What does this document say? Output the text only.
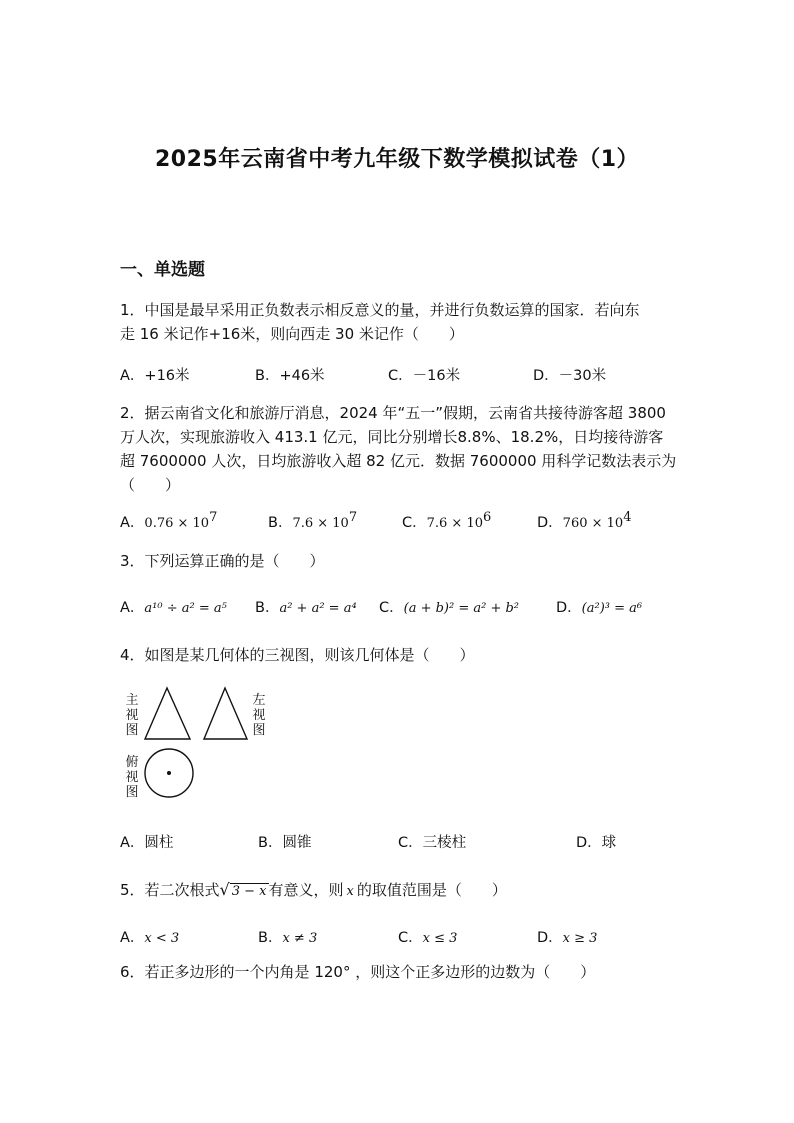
2025年云南省中考九年级下数学模拟试卷（1）
一、单选题
1．中国是最早采用正负数表示相反意义的量，并进行负数运算的国家．若向东
走 16 米记作+16米，则向西走 30 米记作（　　）
A．+16米	B．+46米	C．－16米	D．－30米
2．据云南省文化和旅游厅消息，2024 年“五一”假期，云南省共接待游客超 3800
万人次，实现旅游收入 413.1 亿元，同比分别增长8.8%、18.2%，日均接待游客
超 7600000 人次，日均旅游收入超 82 亿元．数据 7600000 用科学记数法表示为
（　　）
A．$0.76 \times 10^7$	B．$7.6 \times 10^7$	C．$7.6 \times 10^6$	D．$760 \times 10^4$
3．下列运算正确的是（　　）
A．a¹⁰ ÷ a² = a⁵ B．a² + a² = a⁴ C．(a + b)² = a² + b²	D．(a²)³ = a⁶
4．如图是某几何体的三视图，则该几何体是（　　）
主视图
左视图
俯视图
A．圆柱	B．圆锥	C．三棱柱	D．球
5．若二次根式√ 3 − x 有意义，则 x 的取值范围是（　　）
A．x < 3	B．x ≠ 3	C．x ≤ 3	D．x ≥ 3
6．若正多边形的一个内角是 120° ，则这个正多边形的边数为（　　）
